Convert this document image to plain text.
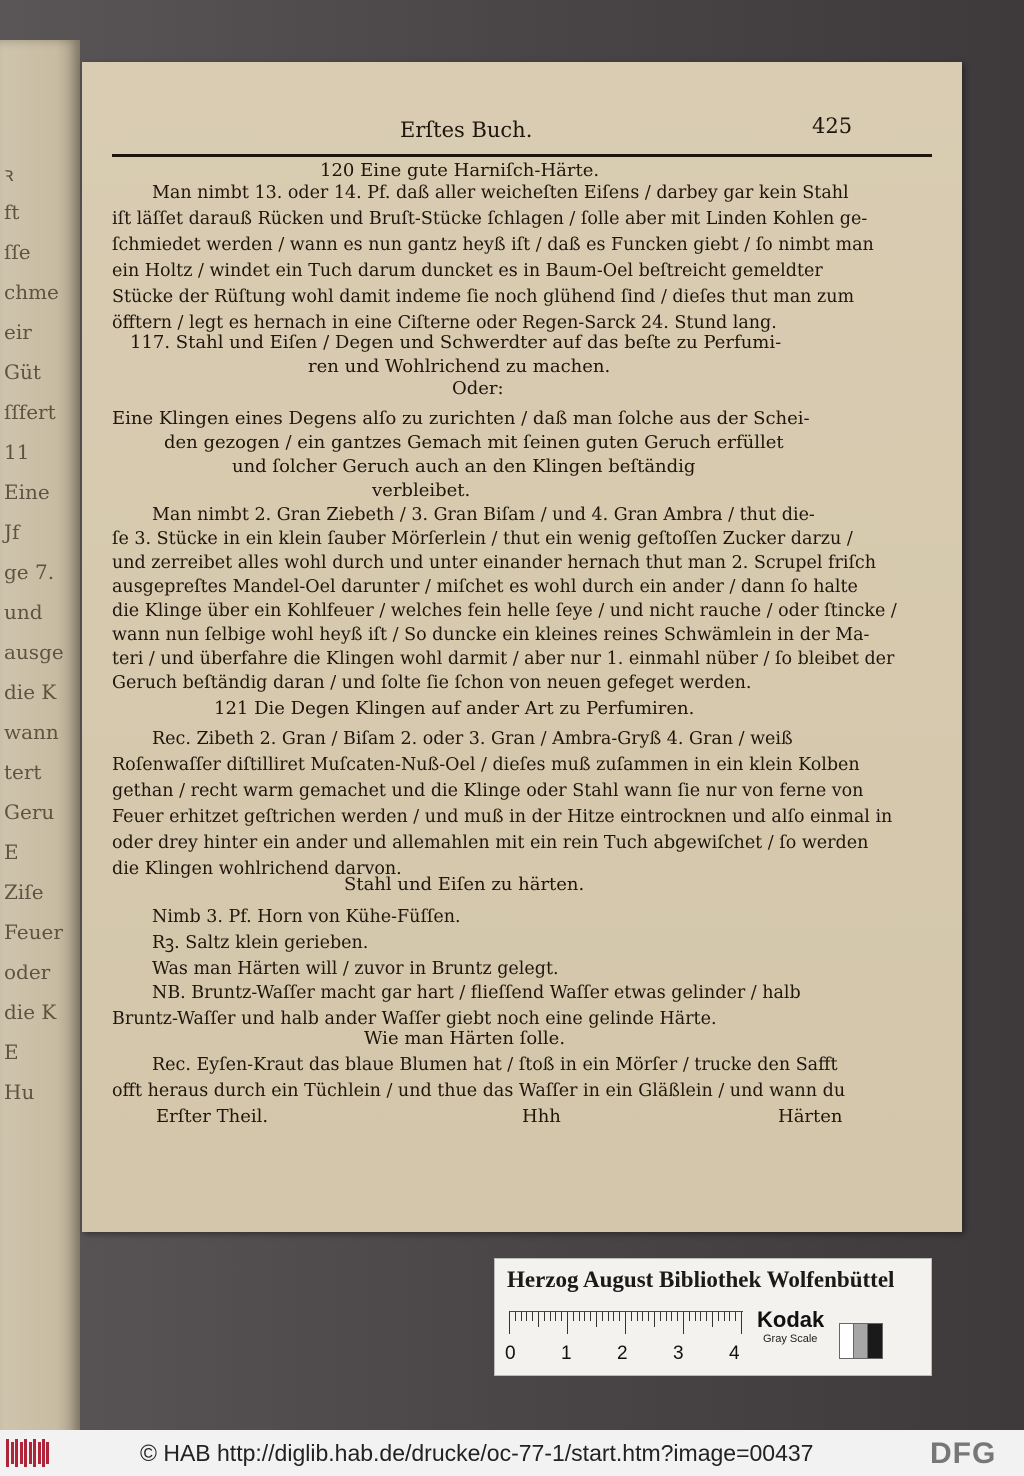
ꝛ
ft
ſſe
chme
eir
Güt
ſſfert
11
Eine
Jf
ge 7.
und
ausge
die K
wann
tert
Geru
E
Ziſe
Feuer
oder
die K
E
Hu
Erſtes Buch.	425
120 Eine gute Harniſch-Härte.
Man nimbt 13. oder 14. Pf. daß aller weicheſten Eiſens / darbey gar kein Stahl
iſt läſſet darauß Rücken und Bruſt-Stücke ſchlagen / ſolle aber mit Linden Kohlen ge-
ſchmiedet werden / wann es nun gantz heyß iſt / daß es Funcken giebt / ſo nimbt man
ein Holtz / windet ein Tuch darum duncket es in Baum-Oel beſtreicht gemeldter
Stücke der Rüſtung wohl damit indeme ſie noch glühend ſind / dieſes thut man zum
öfftern / legt es hernach in eine Ciſterne oder Regen-Sarck 24. Stund lang.
117. Stahl und Eiſen / Degen und Schwerdter auf das beſte zu Perfumi-
ren und Wohlrichend zu machen.
Oder:
Eine Klingen eines Degens alſo zu zurichten / daß man ſolche aus der Schei-
den gezogen / ein gantzes Gemach mit ſeinen guten Geruch erfüllet
und ſolcher Geruch auch an den Klingen beſtändig
verbleibet.
Man nimbt 2. Gran Ziebeth / 3. Gran Biſam / und 4. Gran Ambra / thut die-
ſe 3. Stücke in ein klein ſauber Mörſerlein / thut ein wenig geſtoſſen Zucker darzu /
und zerreibet alles wohl durch und unter einander hernach thut man 2. Scrupel friſch
ausgepreſtes Mandel-Oel darunter / miſchet es wohl durch ein ander / dann ſo halte
die Klinge über ein Kohlfeuer / welches fein helle ſeye / und nicht rauche / oder ſtincke /
wann nun ſelbige wohl heyß iſt / So duncke ein kleines reines Schwämlein in der Ma-
teri / und überfahre die Klingen wohl darmit / aber nur 1. einmahl nüber / ſo bleibet der
Geruch beſtändig daran / und ſolte ſie ſchon von neuen gefeget werden.
121 Die Degen Klingen auf ander Art zu Perfumiren.
Rec. Zibeth 2. Gran / Biſam 2. oder 3. Gran / Ambra-Gryß 4. Gran / weiß
Roſenwaſſer diſtilliret Muſcaten-Nuß-Oel / dieſes muß zuſammen in ein klein Kolben
gethan / recht warm gemachet und die Klinge oder Stahl wann ſie nur von ferne von
Feuer erhitzet geſtrichen werden / und muß in der Hitze eintrocknen und alſo einmal in
oder drey hinter ein ander und allemahlen mit ein rein Tuch abgewiſchet / ſo werden
die Klingen wohlrichend darvon.
Stahl und Eiſen zu härten.
Nimb 3. Pf. Horn von Kühe-Füſſen.
Rꝫ. Saltz klein gerieben.
Was man Härten will / zuvor in Bruntz gelegt.
NB. Bruntz-Waſſer macht gar hart / flieſſend Waſſer etwas gelinder / halb
Bruntz-Waſſer und halb ander Waſſer giebt noch eine gelinde Härte.
Wie man Härten ſolle.
Rec. Eyſen-Kraut das blaue Blumen hat / ſtoß in ein Mörſer / trucke den Safft
offt heraus durch ein Tüchlein / und thue das Waſſer in ein Gläßlein / und wann du
Erſter Theil.	Hhh	Härten
Herzog August Bibliothek Wolfenbüttel
0 1 2 3 4
Kodak
Gray Scale
© HAB http://diglib.hab.de/drucke/oc-77-1/start.htm?image=00437	DFG
